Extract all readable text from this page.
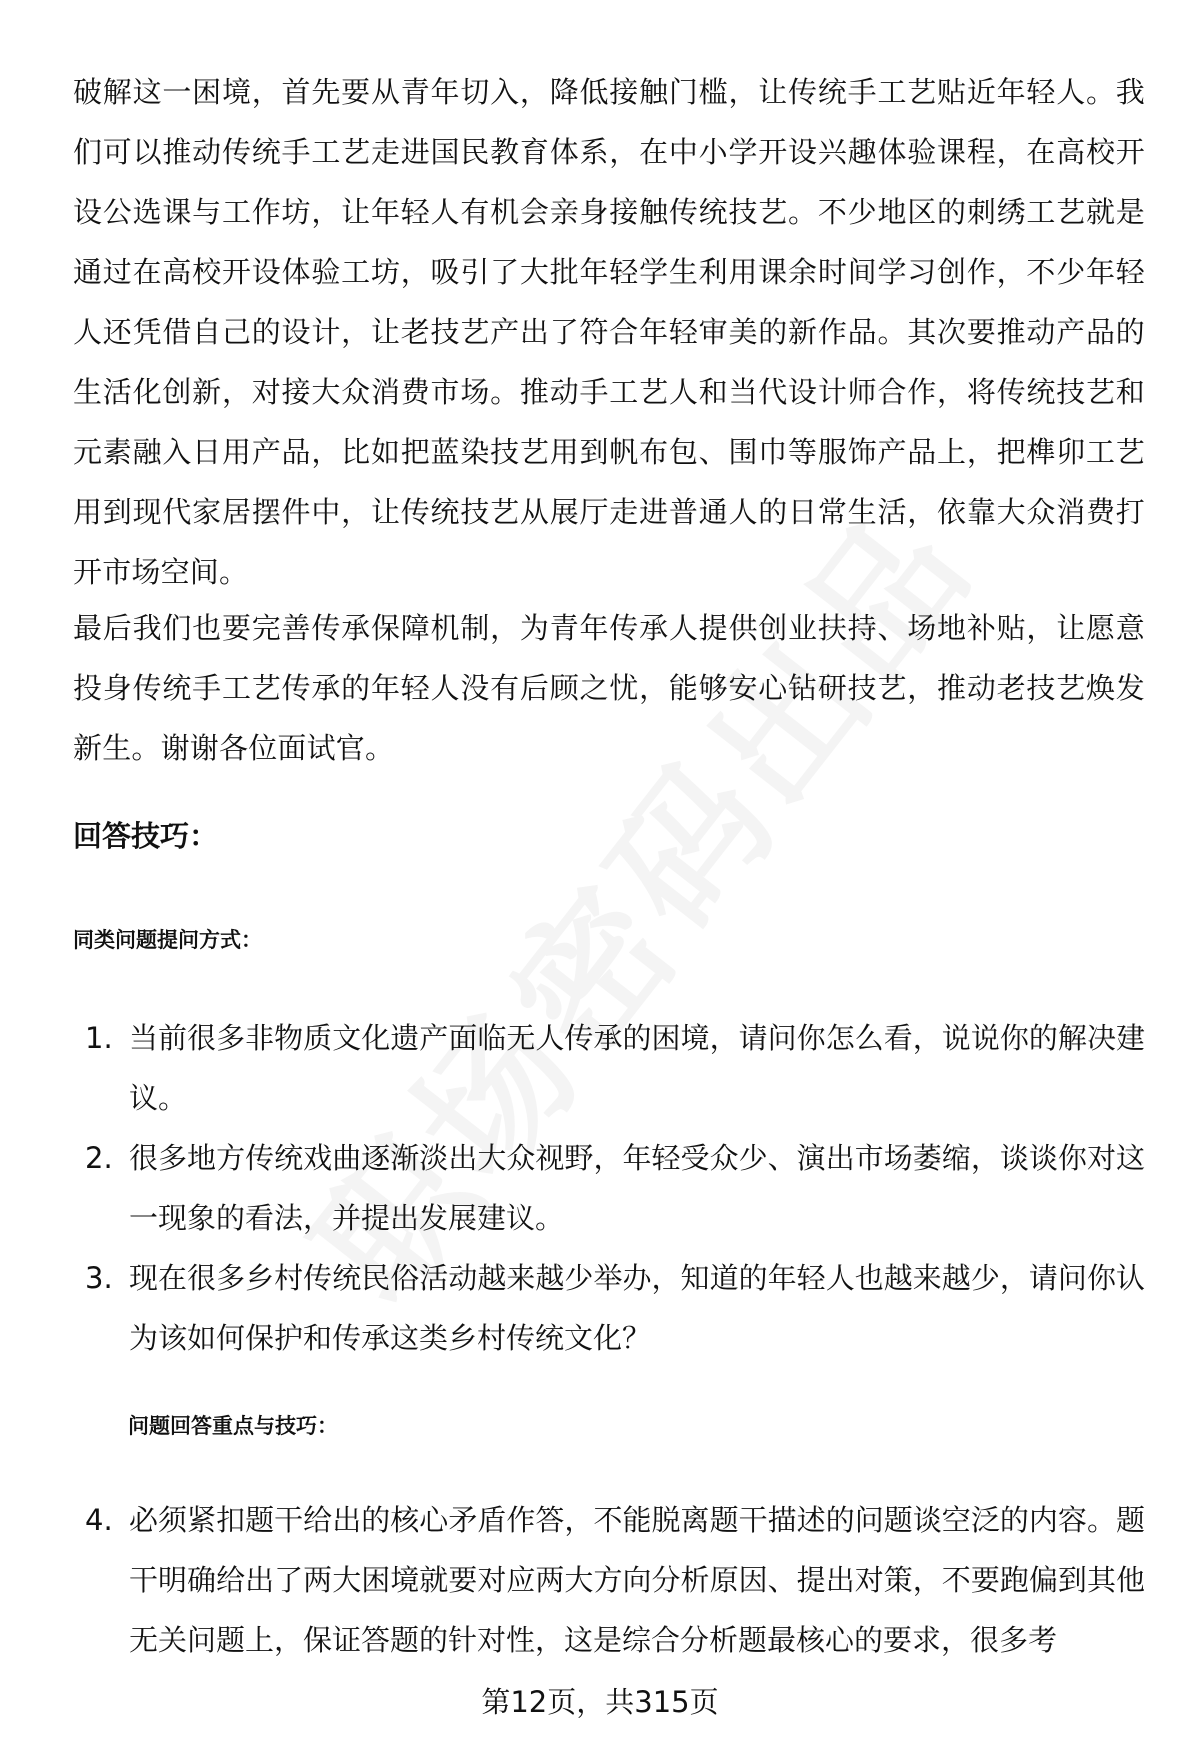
破解这一困境，首先要从青年切入，降低接触门槛，让传统手工艺贴近年轻人。我们可以推动传统手工艺走进国民教育体系，在中小学开设兴趣体验课程，在高校开设公选课与工作坊，让年轻人有机会亲身接触传统技艺。不少地区的刺绣工艺就是通过在高校开设体验工坊，吸引了大批年轻学生利用课余时间学习创作，不少年轻人还凭借自己的设计，让老技艺产出了符合年轻审美的新作品。其次要推动产品的生活化创新，对接大众消费市场。推动手工艺人和当代设计师合作，将传统技艺和元素融入日用产品，比如把蓝染技艺用到帆布包、围巾等服饰产品上，把榫卯工艺用到现代家居摆件中，让传统技艺从展厅走进普通人的日常生活，依靠大众消费打开市场空间。

最后我们也要完善传承保障机制，为青年传承人提供创业扶持、场地补贴，让愿意投身传统手工艺传承的年轻人没有后顾之忧，能够安心钻研技艺，推动老技艺焕发新生。谢谢各位面试官。

回答技巧：
同类问题提问方式：
1. 当前很多非物质文化遗产面临无人传承的困境，请问你怎么看，说说你的解决建议。
2. 很多地方传统戏曲逐渐淡出大众视野，年轻受众少、演出市场萎缩，谈谈你对这一现象的看法，并提出发展建议。
3. 现在很多乡村传统民俗活动越来越少举办，知道的年轻人也越来越少，请问你认为该如何保护和传承这类乡村传统文化？
问题回答重点与技巧：
4. 必须紧扣题干给出的核心矛盾作答，不能脱离题干描述的问题谈空泛的内容。题干明确给出了两大困境就要对应两大方向分析原因、提出对策，不要跑偏到其他无关问题上，保证答题的针对性，这是综合分析题最核心的要求，很多考
第12页，共315页
